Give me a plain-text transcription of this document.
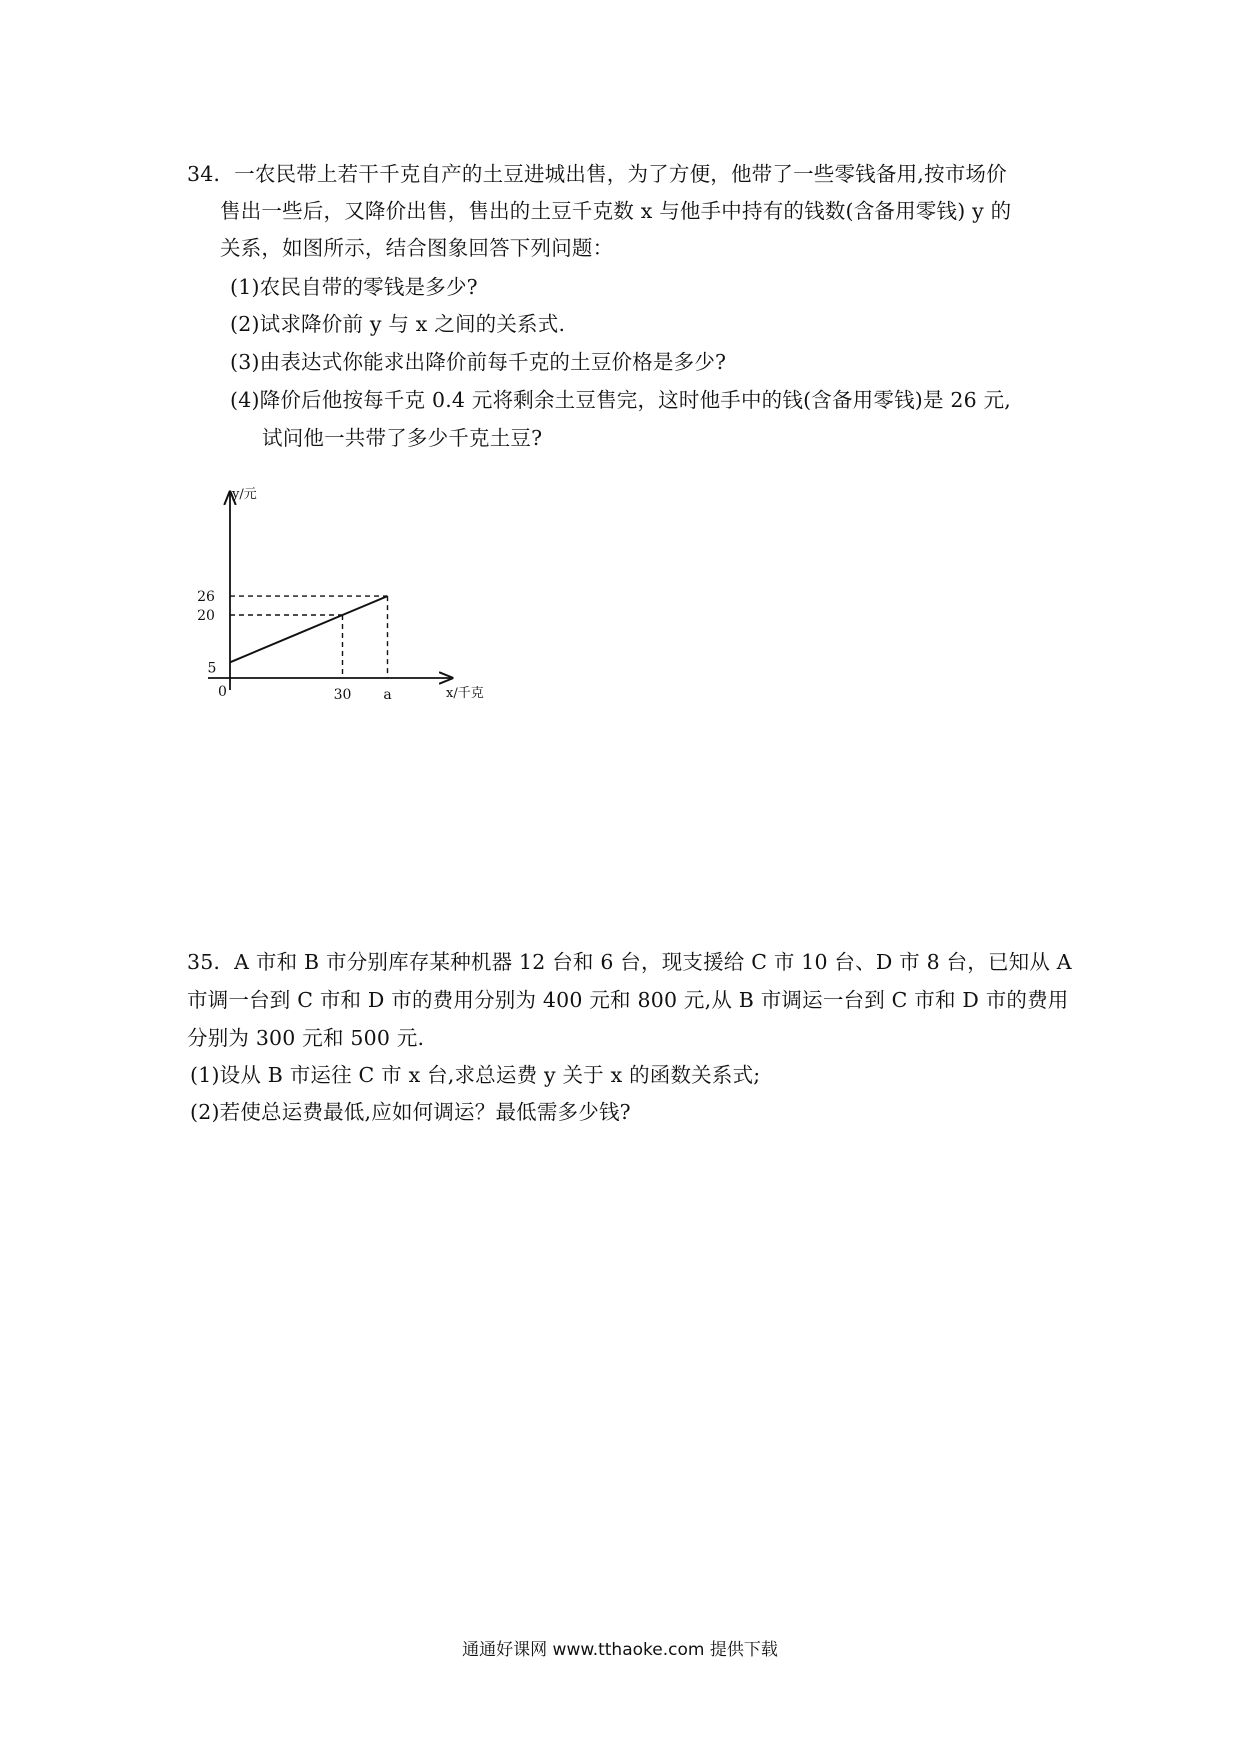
34．一农民带上若干千克自产的土豆进城出售，为了方便，他带了一些零钱备用,按市场价
售出一些后，又降价出售，售出的土豆千克数 x 与他手中持有的钱数(含备用零钱) y 的
关系，如图所示，结合图象回答下列问题：
(1)农民自带的零钱是多少?
(2)试求降价前 y 与 x 之间的关系式.
(3)由表达式你能求出降价前每千克的土豆价格是多少?
(4)降价后他按每千克 0.4 元将剩余土豆售完，这时他手中的钱(含备用零钱)是 26 元,
试问他一共带了多少千克土豆?
y/元
x/千克
0	30 a
5
20
26
35．A 市和 B 市分别库存某种机器 12 台和 6 台，现支援给 C 市 10 台、D 市 8 台，已知从 A
市调一台到 C 市和 D 市的费用分别为 400 元和 800 元,从 B 市调运一台到 C 市和 D 市的费用
分别为 300 元和 500 元.
(1)设从 B 市运往 C 市 x 台,求总运费 y 关于 x 的函数关系式;
(2)若使总运费最低,应如何调运？最低需多少钱?
通通好课网 www.tthaoke.com 提供下载
